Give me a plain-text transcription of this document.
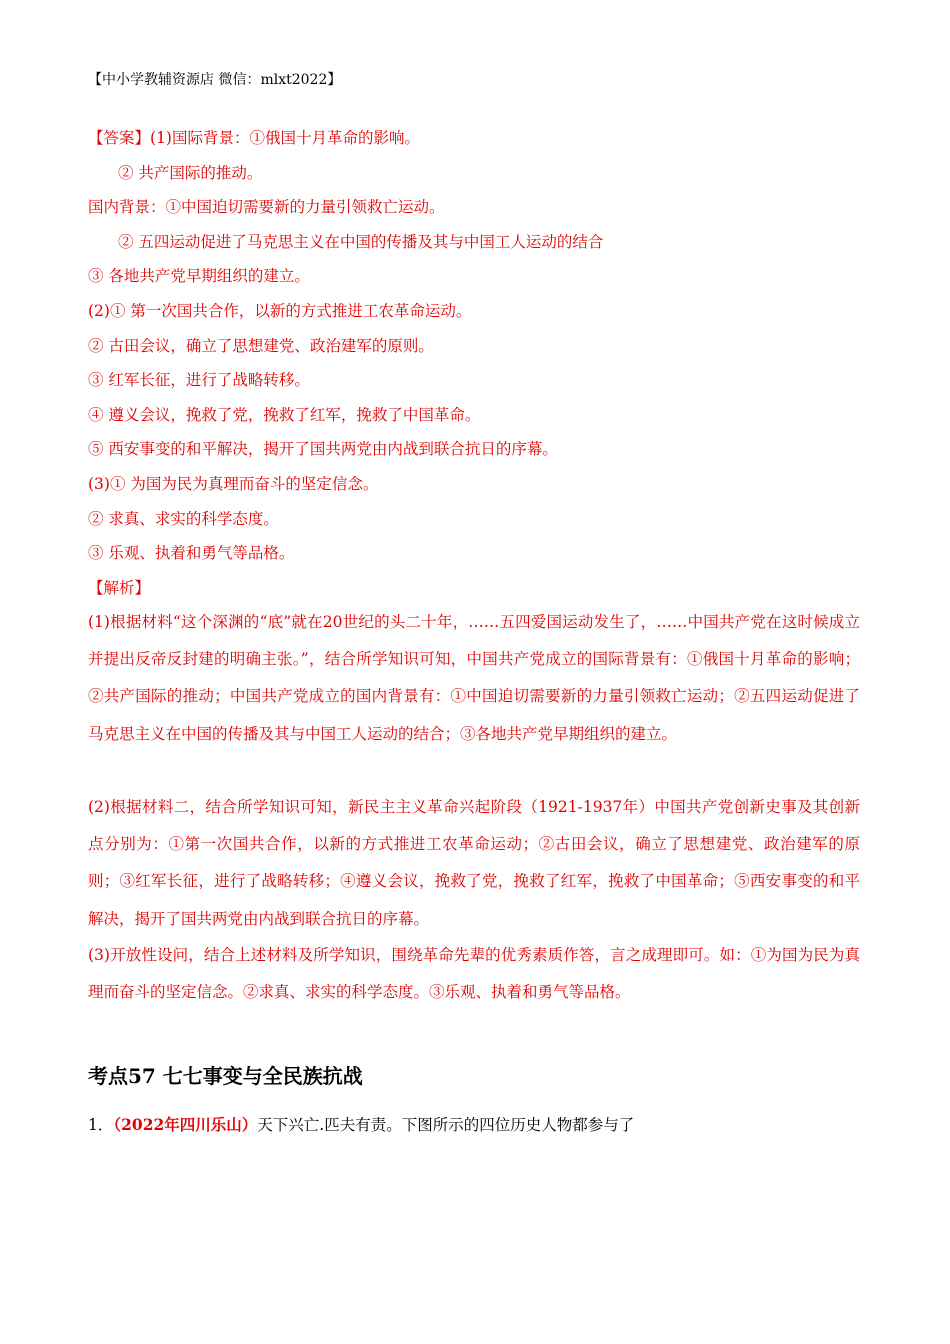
【中小学教辅资源店 微信：mlxt2022】
【答案】(1)国际背景：①俄国十月革命的影响。
② 共产国际的推动。
国内背景：①中国迫切需要新的力量引领救亡运动。
② 五四运动促进了马克思主义在中国的传播及其与中国工人运动的结合
③ 各地共产党早期组织的建立。
(2)① 第一次国共合作，以新的方式推进工农革命运动。
② 古田会议，确立了思想建党、政治建军的原则。
③ 红军长征，进行了战略转移。
④ 遵义会议，挽救了党，挽救了红军，挽救了中国革命。
⑤ 西安事变的和平解决，揭开了国共两党由内战到联合抗日的序幕。
(3)① 为国为民为真理而奋斗的坚定信念。
② 求真、求实的科学态度。
③ 乐观、执着和勇气等品格。
【解析】
(1)根据材料“这个深渊的“底”就在20世纪的头二十年，……五四爱国运动发生了，……中国共产党在这时候成立并提出反帝反封建的明确主张。”，结合所学知识可知，中国共产党成立的国际背景有：①俄国十月革命的影响；②共产国际的推动；中国共产党成立的国内背景有：①中国迫切需要新的力量引领救亡运动；②五四运动促进了马克思主义在中国的传播及其与中国工人运动的结合；③各地共产党早期组织的建立。
(2)根据材料二，结合所学知识可知，新民主主义革命兴起阶段（1921-1937年）中国共产党创新史事及其创新点分别为：①第一次国共合作，以新的方式推进工农革命运动；②古田会议，确立了思想建党、政治建军的原则；③红军长征，进行了战略转移；④遵义会议，挽救了党，挽救了红军，挽救了中国革命；⑤西安事变的和平解决，揭开了国共两党由内战到联合抗日的序幕。
(3)开放性设问，结合上述材料及所学知识，围绕革命先辈的优秀素质作答，言之成理即可。如：①为国为民为真理而奋斗的坚定信念。②求真、求实的科学态度。③乐观、执着和勇气等品格。
考点57 七七事变与全民族抗战
1．（2022年四川乐山）天下兴亡.匹夫有责。下图所示的四位历史人物都参与了
